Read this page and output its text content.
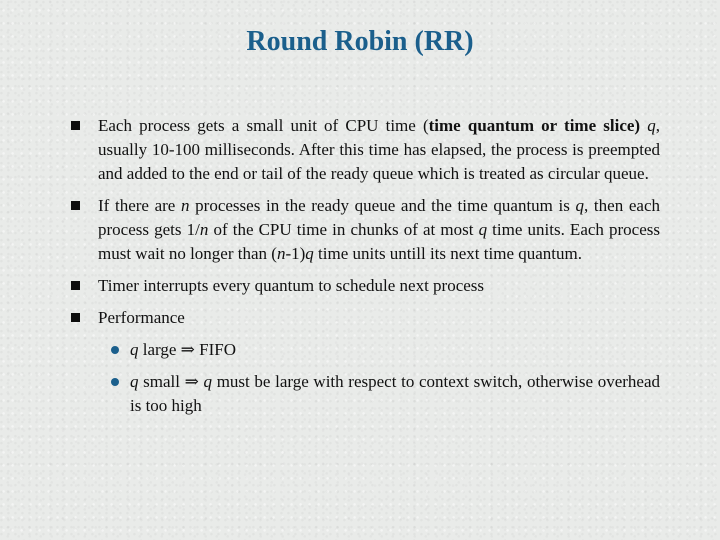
Round Robin (RR)
Each process gets a small unit of CPU time (time quantum or time slice) q, usually 10-100 milliseconds. After this time has elapsed, the process is preempted and added to the end or tail of the ready queue which is treated as circular queue.
If there are n processes in the ready queue and the time quantum is q, then each process gets 1/n of the CPU time in chunks of at most q time units. Each process must wait no longer than (n-1)q time units untill its next time quantum.
Timer interrupts every quantum to schedule next process
Performance
q large ⇒ FIFO
q small ⇒ q must be large with respect to context switch, otherwise overhead is too high
